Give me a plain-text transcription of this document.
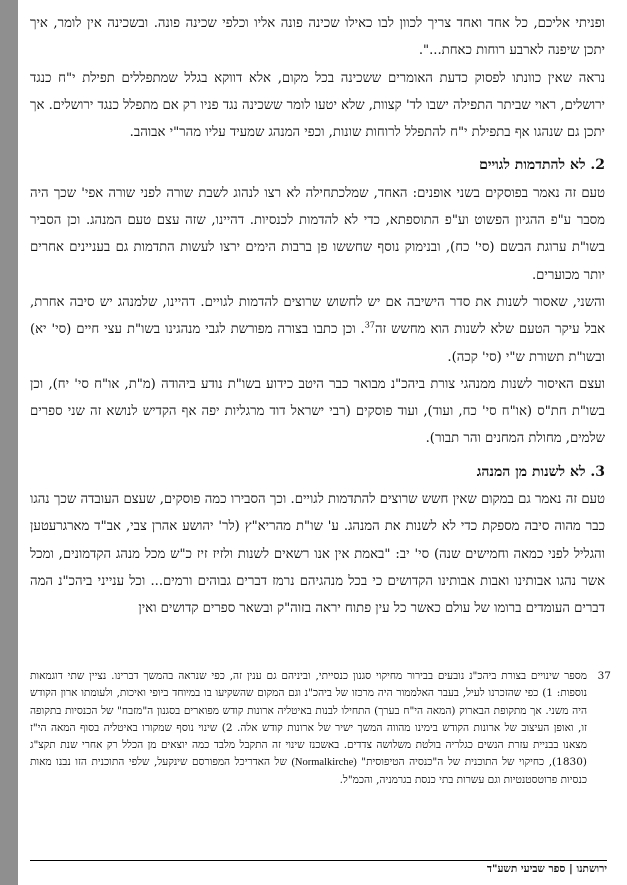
ופניתי אליכם, כל אחד ואחד צריך לכוון לבו כאילו שכינה פונה אליו וכלפי שכינה פונה. ובשכינה אין לומר, איך יתכן שיפנה לארבע רוחות כאחת...".

נראה שאין כוונתו לפסוק כדעת האומרים ששכינה בכל מקום, אלא דווקא בגלל שמתפללים תפילת י"ח כנגד ירושלים, ראוי שביתר התפילה ישבו לד' קצוות, שלא יטעו לומר ששכינה נגד פניו רק אם מתפלל כנגד ירושלים. אך יתכן גם שנהגו אף בתפילת י"ח להתפלל לרוחות שונות, וכפי המנהג שמעיד עליו מהר"י אבוהב.

2. לא להתדמות לגויים

טעם זה נאמר בפוסקים בשני אופנים: האחד, שמלכתחילה לא רצו לנהוג לשבת שורה לפני שורה אפי' שכך היה מסבר ע"פ ההגיון הפשוט וע"פ התוספתא, כדי לא להדמות לכנסיות. דהיינו, שזה עצם טעם המנהג. וכן הסביר בשו"ת ערוגת הבשם (סי' כח), ובנימוק נוסף שחששו פן ברבות הימים ירצו לעשות התדמות גם בעניינים אחרים יותר מכוערים.

והשני, שאסור לשנות את סדר הישיבה אם יש לחשוש שרוצים להדמות לגויים. דהיינו, שלמנהג יש סיבה אחרת, אבל עיקר הטעם שלא לשנות הוא מחשש זה$^{37}$. וכן כתבו בצורה מפורשת לגבי מנהגינו בשו"ת עצי חיים (סי' יא) ובשו"ת תשורת ש"י (סי' קכה).

ועצם האיסור לשנות ממנהגי צורת ביהכ"נ מבואר כבר היטב כידוע בשו"ת נודע ביהודה (מ"ת, או"ח סי' יח), וכן בשו"ת חת"ס (או"ח סי' כח, ועוד), ועוד פוסקים (רבי ישראל דוד מרגליות יפה אף הקדיש לנושא זה שני ספרים שלמים, מחולת המחנים והר תבור).

3. לא לשנות מן המנהג

טעם זה נאמר גם במקום שאין חשש שרוצים להתדמות לגויים. וכך הסבירו כמה פוסקים, שעצם העובדה שכך נהגו כבר מהוה סיבה מספקת כדי לא לשנות את המנהג. ע' שו"ת מהריא"ץ (לר' יהושע אהרן צבי, אב"ד מארגרעטען והגליל לפני כמאה וחמישים שנה) סי' יב: "באמת אין אנו רשאים לשנות ולזיז זיז כ"ש מכל מנהג הקדמונים, ומכל אשר נהגו אבותינו ואבות אבותינו הקדושים כי בכל מנהגיהם נרמז דברים גבוהים ורמים... וכל ענייני ביהכ"נ המה דברים העומדים ברומו של עולם כאשר כל עין פתוח יראה בזוה"ק ובשאר ספרים קדושים ואין

37
מספר שינויים בצורת ביהכ"נ נובעים בבירור מחיקוי סגנון כנסייתי, וביניהם גם ענין זה, כפי שנראה בהמשך דברינו. נציין שתי דוגמאות נוספות: 1) כפי שהזכרנו לעיל, בעבר האלממור היה מרכזו של ביהכ"נ וגם המקום שהשקיעו בו במיוחד ביופי ואיכות, ולעומתו ארון הקודש היה משני. אך מתקופת הבארוק (המאה הי"ח בערך) התחילו לבנות באיטליה ארונות קודש מפוארים בסגנון ה"מזבח" של הכנסיות בתקופה זו, ואופן העיצוב של ארונות הקודש בימינו מהווה המשך ישיר של ארונות קודש אלה. 2) שינוי נוסף שמקורו באיטליה בסוף המאה הי"ז מצאנו בבניית עזרת הנשים כגלריה בולטת משלושה צדדים. באשכנז שינוי זה התקבל מלבד כמה יוצאים מן הכלל רק אחרי שנת תקצ"ג (1830), כחיקוי של התוכנית של ה"כנסיה הטיפוסית" (Normalkirche) של האדריכל המפורסם שינקעל, שלפי התוכנית הזו נבנו מאות כנסיות פרוטסטנטיות וגם עשרות בתי כנסת בגרמניה, והכמ"ל.
ירושתנו | ספר שביעי תשע"ד
